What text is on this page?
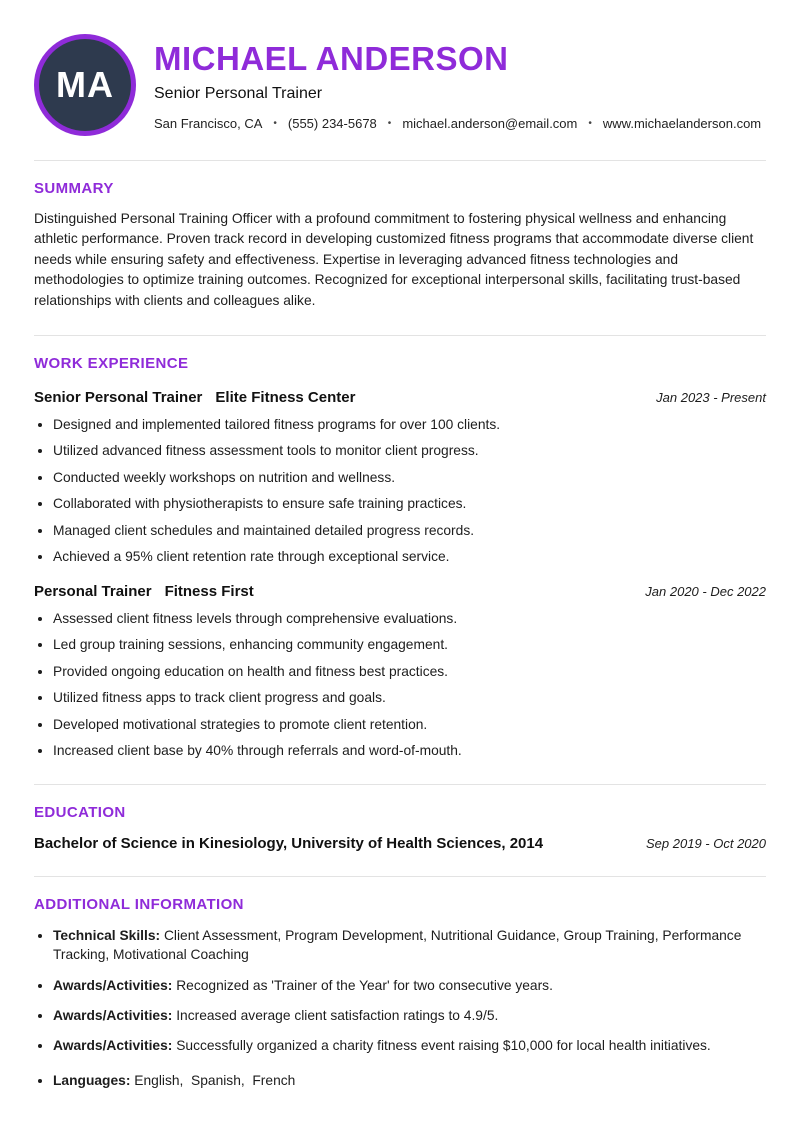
MA
MICHAEL ANDERSON
Senior Personal Trainer
San Francisco, CA • (555) 234-5678 • michael.anderson@email.com • www.michaelanderson.com
SUMMARY

Distinguished Personal Training Officer with a profound commitment to fostering physical wellness and enhancing athletic performance. Proven track record in developing customized fitness programs that accommodate diverse client needs while ensuring safety and effectiveness. Expertise in leveraging advanced fitness technologies and methodologies to optimize training outcomes. Recognized for exceptional interpersonal skills, facilitating trust-based relationships with clients and colleagues alike.

WORK EXPERIENCE
Senior Personal Trainer Elite Fitness Center	Jan 2023 - Present
• Designed and implemented tailored fitness programs for over 100 clients.
• Utilized advanced fitness assessment tools to monitor client progress.
• Conducted weekly workshops on nutrition and wellness.
• Collaborated with physiotherapists to ensure safe training practices.
• Managed client schedules and maintained detailed progress records.
• Achieved a 95% client retention rate through exceptional service.
Personal Trainer Fitness First	Jan 2020 - Dec 2022
• Assessed client fitness levels through comprehensive evaluations.
• Led group training sessions, enhancing community engagement.
• Provided ongoing education on health and fitness best practices.
• Utilized fitness apps to track client progress and goals.
• Developed motivational strategies to promote client retention.
• Increased client base by 40% through referrals and word-of-mouth.
EDUCATION
Bachelor of Science in Kinesiology, University of Health Sciences, 2014	Sep 2019 - Oct 2020
ADDITIONAL INFORMATION
• Technical Skills: Client Assessment, Program Development, Nutritional Guidance, Group Training, Performance Tracking, Motivational Coaching
• Awards/Activities: Recognized as 'Trainer of the Year' for two consecutive years.
• Awards/Activities: Increased average client satisfaction ratings to 4.9/5.
• Awards/Activities: Successfully organized a charity fitness event raising $10,000 for local health initiatives.
• Languages: English,  Spanish,  French
